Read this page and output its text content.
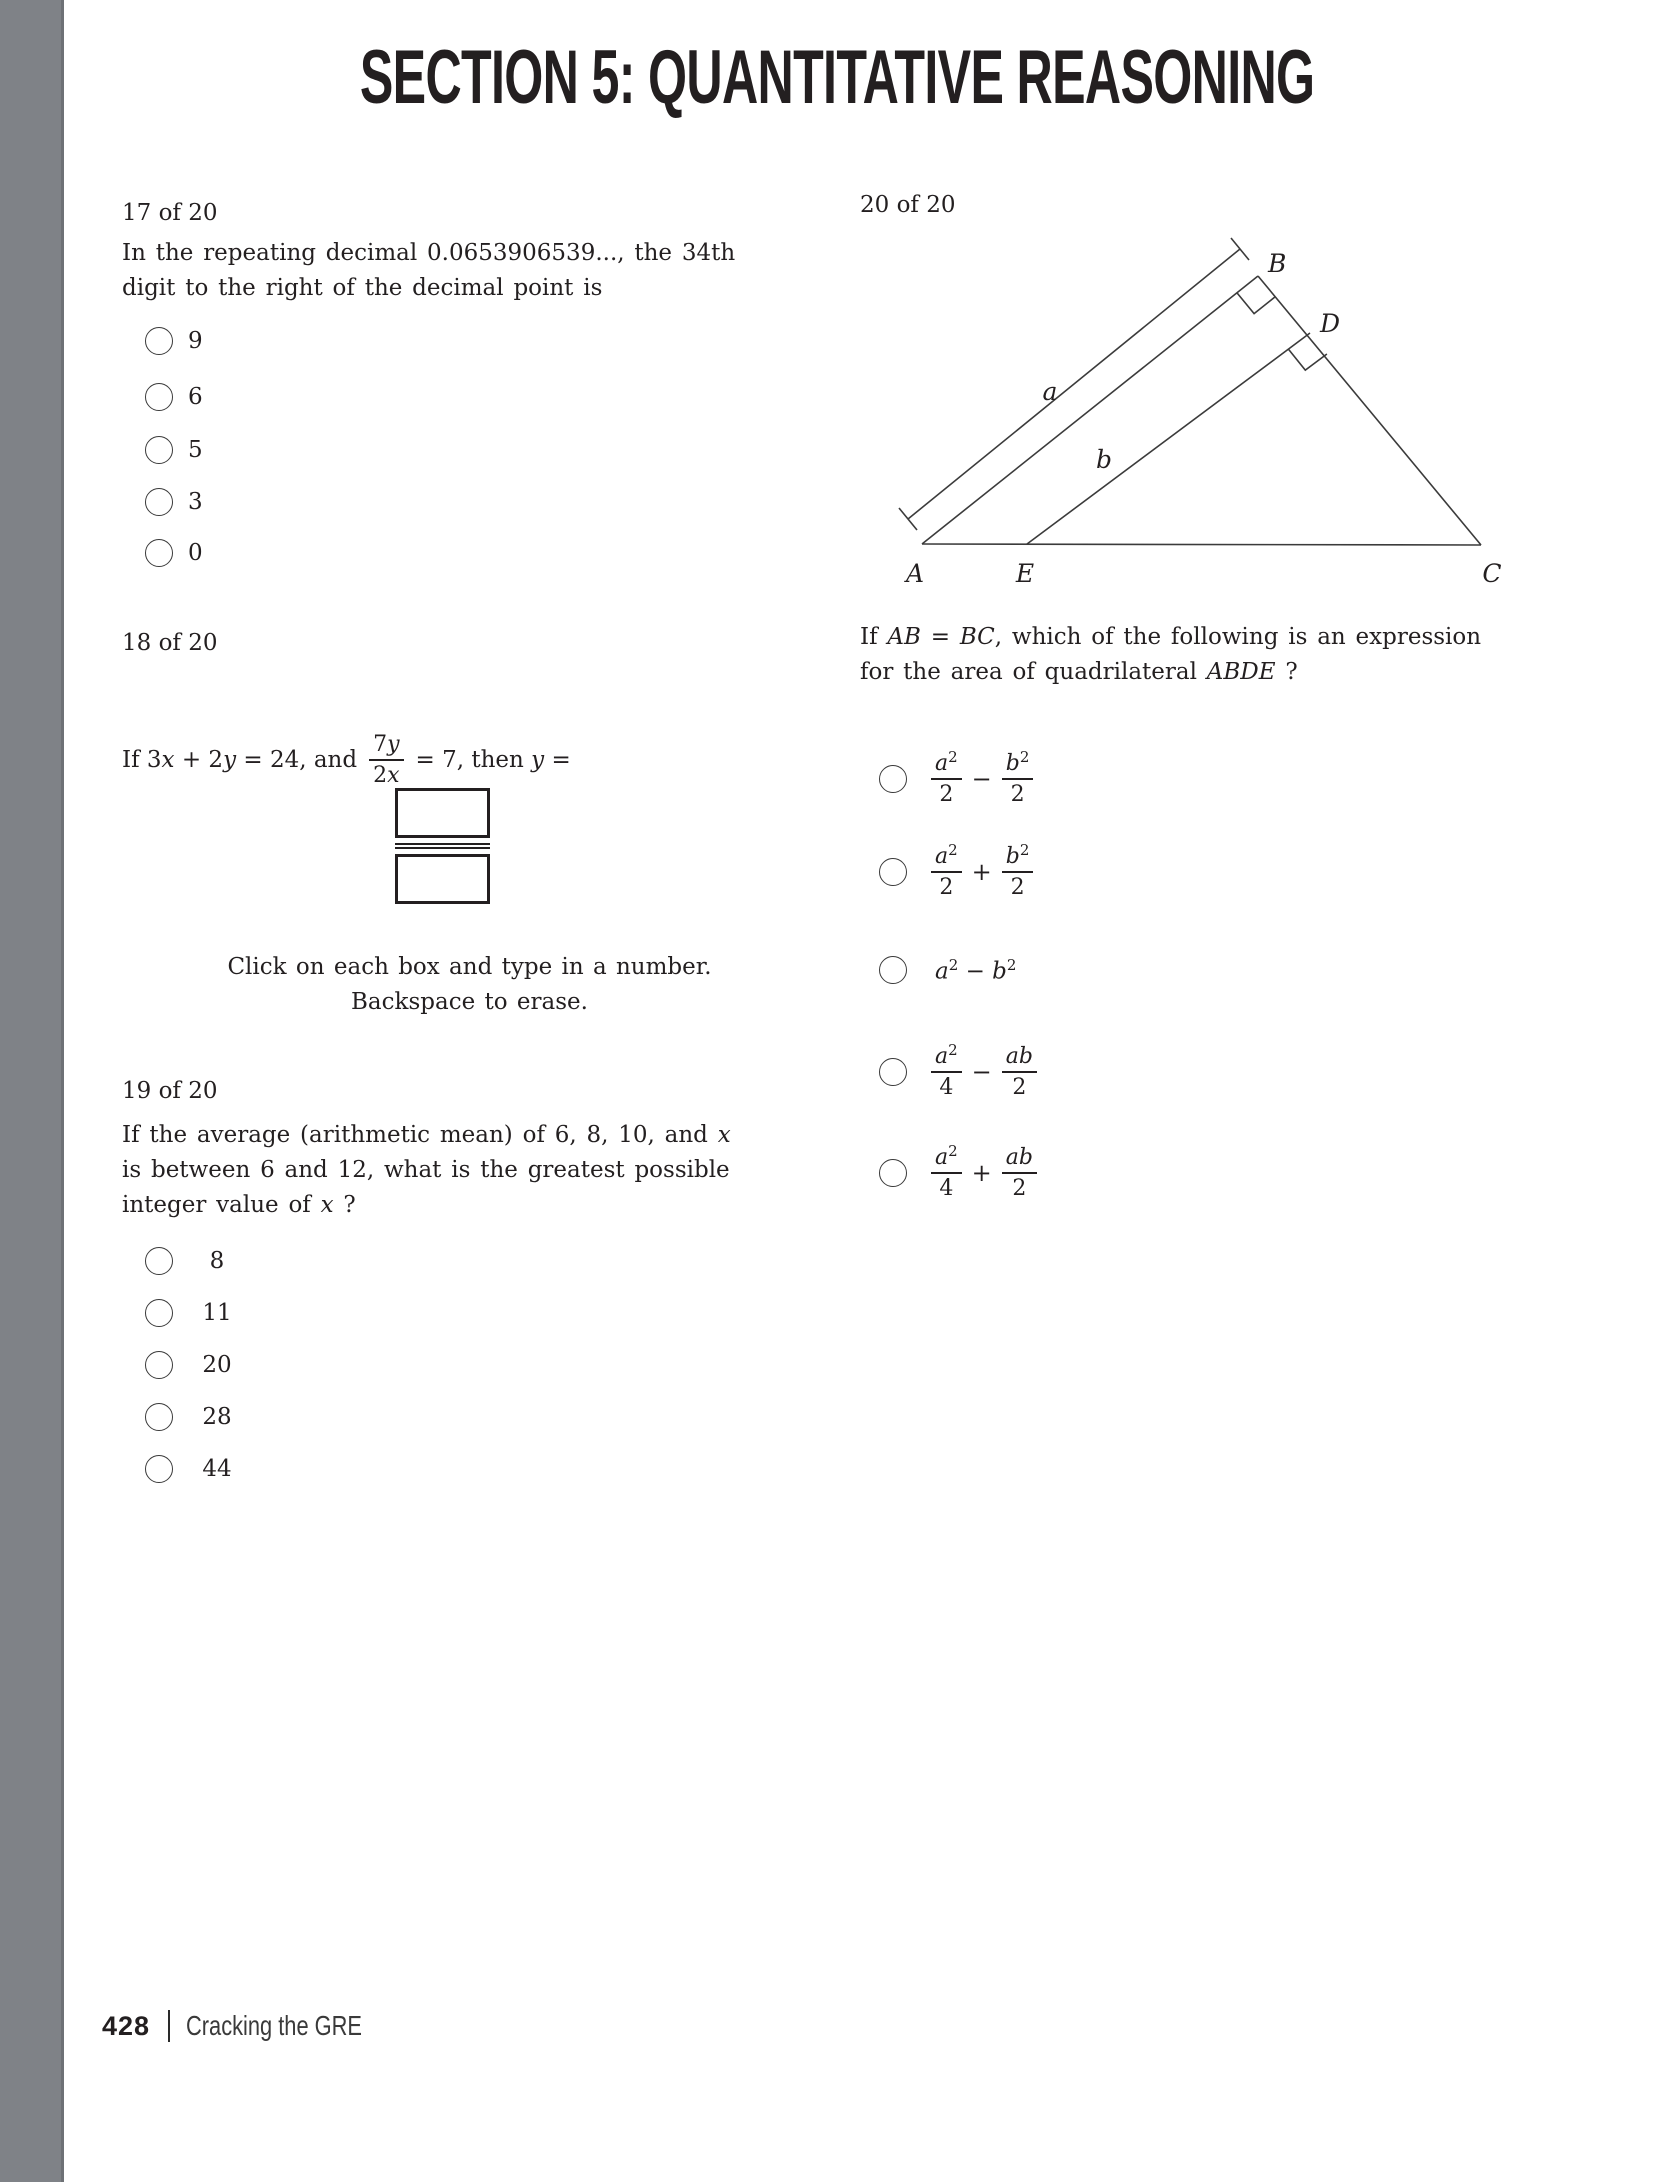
SECTION 5: QUANTITATIVE REASONING
17 of 20
In the repeating decimal 0.0653906539..., the 34th
digit to the right of the decimal point is
9
6
5
3
0
18 of 20
If 3x + 2y = 24, and
7y
2x
= 7, then y =
Click on each box and type in a number.
Backspace to erase.
19 of 20
If the average (arithmetic mean) of 6, 8, 10, and x
is between 6 and 12, what is the greatest possible
integer value of x ?
8
11
20
28
44
20 of 20
A
B
C
D
E
a
b
If AB = BC, which of the following is an expression
for the area of quadrilateral ABDE ?
$a^2$
2
−
$b^2$
2
$a^2$
2
+
$b^2$
2
$a^2 - b^2$
$a^2$
4
−
ab
2
$a^2$
4
+
ab
2
428 Cracking the GRE
